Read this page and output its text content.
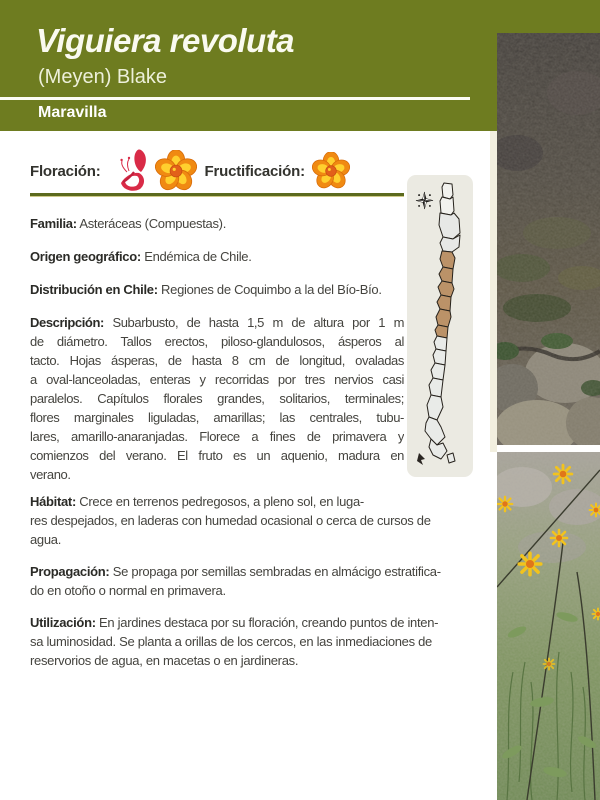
Viguiera revoluta
(Meyen) Blake
Maravilla
Floración:	Fructificación:
Familia: Asteráceas (Compuestas).
Origen geográfico: Endémica de Chile.
Distribución en Chile: Regiones de Coquimbo a la del Bío-Bío.
Descripción: Subarbusto, de hasta 1,5 m de altura por 1 m
de diámetro. Tallos erectos, piloso-glandulosos, ásperos al
tacto. Hojas ásperas, de hasta 8 cm de longitud, ovaladas
a oval-lanceoladas, enteras y recorridas por tres nervios casi
paralelos. Capítulos florales grandes, solitarios, terminales;
flores marginales liguladas, amarillas; las centrales, tubu-
lares, amarillo-anaranjadas. Florece a fines de primavera y
comienzos del verano. El fruto es un aquenio, madura en
verano.
Hábitat: Crece en terrenos pedregosos, a pleno sol, en luga-
res despejados, en laderas con humedad ocasional o cerca de cursos de
agua.
Propagación: Se propaga por semillas sembradas en almácigo estratifica-
do en otoño o normal en primavera.
Utilización: En jardines destaca por su floración, creando puntos de inten-
sa luminosidad. Se planta a orillas de los cercos, en las inmediaciones de
reservorios de agua, en macetas o en jardineras.
